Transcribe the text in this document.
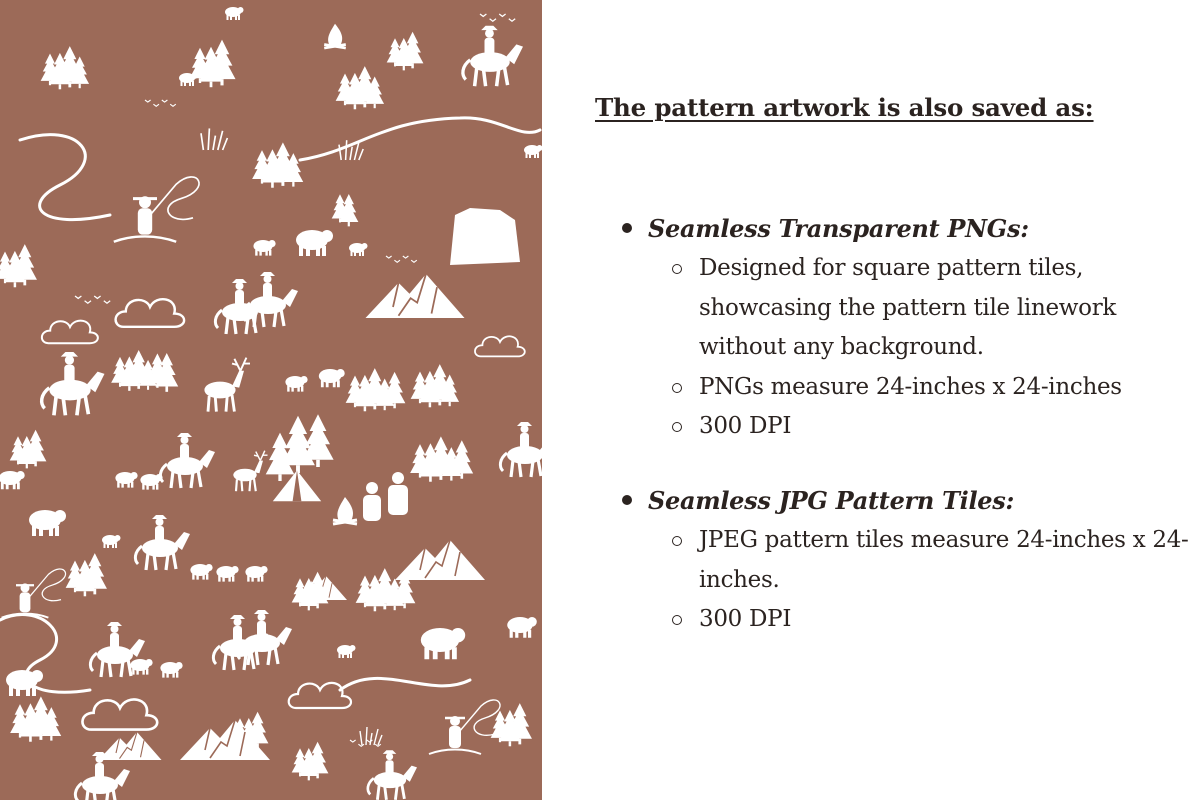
The pattern artwork is also saved as:
Seamless Transparent PNGs:
Designed for square pattern tiles, showcasing the pattern tile linework without any background.
PNGs measure 24-inches x 24-inches
300 DPI
Seamless JPG Pattern Tiles:
JPEG pattern tiles measure 24-inches x 24-inches.
300 DPI
